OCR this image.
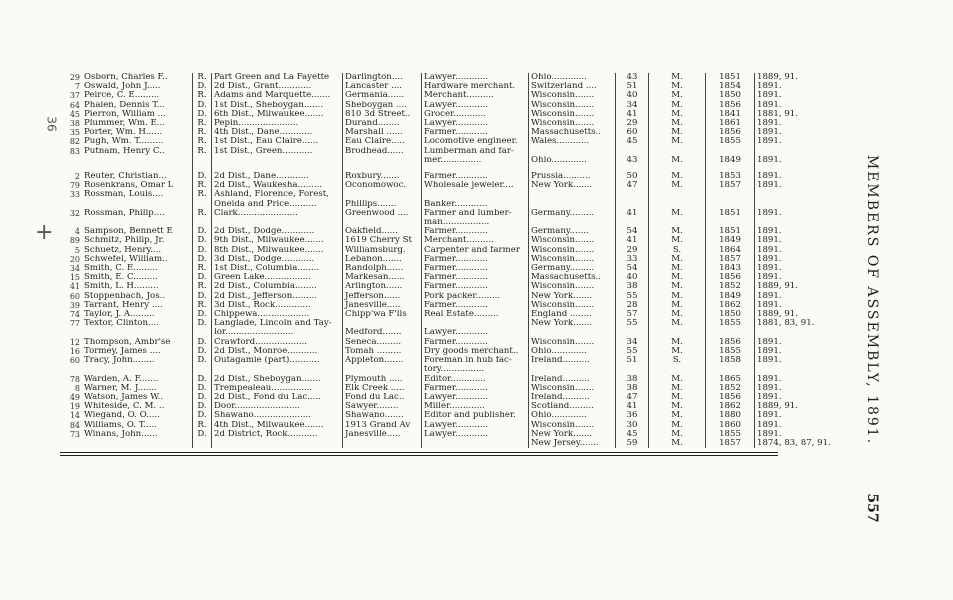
36
+
29	Osborn, Charles F..	R.	Part Green and La Fayette	Darlington....	Lawyer............	Ohio.............	43	M.	1851	1889, 91.
7	Oswald, John J.....	D.	2d Dist., Grant............	Lancaster ....	Hardware merchant.	Switzerland ....	51	M.	1854	1891.
37	Peirce, C. E.........	R.	Adams and Marquette.......	Germania......	Merchant..........	Wisconsin.......	40	M.	1850	1891.
64	Phalen, Dennis T...	D.	1st Dist., Sheboygan.......	Sheboygan ....	Lawyer............	Wisconsin.......	34	M.	1856	1891.
45	Pierron, William ...	D.	6th Dist., Milwaukee.......	810 3d Street..	Grocer............	Wisconsin.......	41	M.	1841	1881, 91.
38	Plummer, Wm. E...	R.	Pepin......................	Durand........	Lawyer............	Wisconsin.......	29	M.	1861	1891.
35	Porter, Wm. H......	R.	4th Dist., Dane............	Marshall ......	Farmer............	Massachusetts..	60	M.	1856	1891.
82	Pugh, Wm. T.........	R.	1st Dist., Eau Claire......	Eau Claire.....	Locomotive engineer.	Wales............	45	M.	1855	1891.
83	Putnam, Henry C..	R.	1st Dist., Green...........	Brodhead......	Lumberman and far-					
					mer...............	Ohio.............	43	M.	1849	1891.

2	Reuter, Christian...	D.	2d Dist., Dane............	Roxbury.......	Farmer............	Prussia..........	50	M.	1853	1891.
79	Rosenkrans, Omar L	R.	2d Dist., Waukesha.........	Oconomowoc.	Wholesale jeweler....	New York.......	47	M.	1857	1891.
33	Rossman, Louis....	R.	Ashland, Florence, Forest,							
			Oneida and Price..........	Phillips.......	Banker............					
32	Rossman, Philip....	R.	Clark......................	Greenwood ....	Farmer and lumber-	Germany.........	41	M.	1851	1891.
					man.................					
4	Sampson, Bennett E	D.	2d Dist., Dodge............	Oakfield......	Farmer............	Germany.......	54	M.	1851	1891.
89	Schmitz, Philip, Jr.	D.	9th Dist., Milwaukee.......	1619 Cherry St	Merchant..........	Wisconsin.......	41	M.	1849	1891.
5	Schuetz, Henry....	D.	8th Dist., Milwaukee.......	Williamsburg.	Carpenter and farmer	Wisconsin.......	29	S.	1864	1891.
20	Schwefel, William..	D.	3d Dist., Dodge............	Lebanon.......	Farmer............	Wisconsin.......	33	M.	1857	1891.
34	Smith, C. E.........	R.	1st Dist., Columbia........	Randolph......	Farmer............	Germany.........	54	M.	1843	1891.
15	Smith, E. C.........	D.	Green Lake.................	Markesan......	Farmer............	Massachusetts..	40	M.	1856	1891.
41	Smith, L. H.........	R.	2d Dist., Columbia........	Arlington......	Farmer............	Wisconsin.......	38	M.	1852	1889, 91.
60	Stoppenbach, Jos..	D.	2d Dist., Jefferson.........	Jefferson......	Pork packer.........	New York.......	55	M.	1849	1891.
39	Tarrant, Henry ....	R.	3d Dist., Rock.............	Janesville.....	Farmer............	Wisconsin.......	28	M.	1862	1891.
74	Taylor, J. A.........	D.	Chippewa...................	Chipp'wa F'lls	Real Estate.........	England ........	57	M.	1850	1889, 91.
77	Textor, Clinton....	D.	Langlade, Lincoln and Tay-			New York.......	55	M.	1855	1881, 83, 91.
			lor.........................	Medford.......	Lawyer............					
12	Thompson, Ambr'se	D.	Crawford...................	Seneca.........	Farmer............	Wisconsin.......	34	M.	1856	1891.
16	Tormey, James ....	D.	2d Dist., Monroe...........	Tomah .........	Dry goods merchant..	Ohio.............	55	M.	1855	1891.
60	Tracy, John........	D.	Outagamie (part)...........	Appleton.......	Foreman in hub fac-	Ireland..........	51	S.	1858	1891.
					tory................					
78	Warden, A. F.......	D.	2d Dist., Sheboygan.......	Plymouth .....	Editor.............	Ireland..........	38	M.	1865	1891.
8	Warner, M. J.......	D.	Trempealeau...............	Elk Creek .....	Farmer............	Wisconsin.......	38	M.	1852	1891.
49	Watson, James W..	D.	2d Dist., Fond du Lac.....	Fond du Lac..	Lawyer............	Ireland..........	47	M.	1856	1891.
19	Whiteside, C. M. ..	D.	Door........................	Sawyer........	Miller.............	Scotland.........	41	M.	1862	1889, 91.
14	Wiegand, O. O.....	D.	Shawano.....................	Shawano.......	Editor and publisher.	Ohio.............	36	M.	1880	1891.
84	Williams, O. T.....	R.	4th Dist., Milwaukee.......	1913 Grand Av	Lawyer............	Wisconsin.......	30	M.	1860	1891.
73	Winans, John......	D.	2d District, Rock...........	Janesville.....	Lawyer............	New York.......	45	M.	1855	1891.
						New Jersey.......	59	M.	1857	1874, 83, 87, 91. MEMBERS OF ASSEMBLY, 1891.
557
